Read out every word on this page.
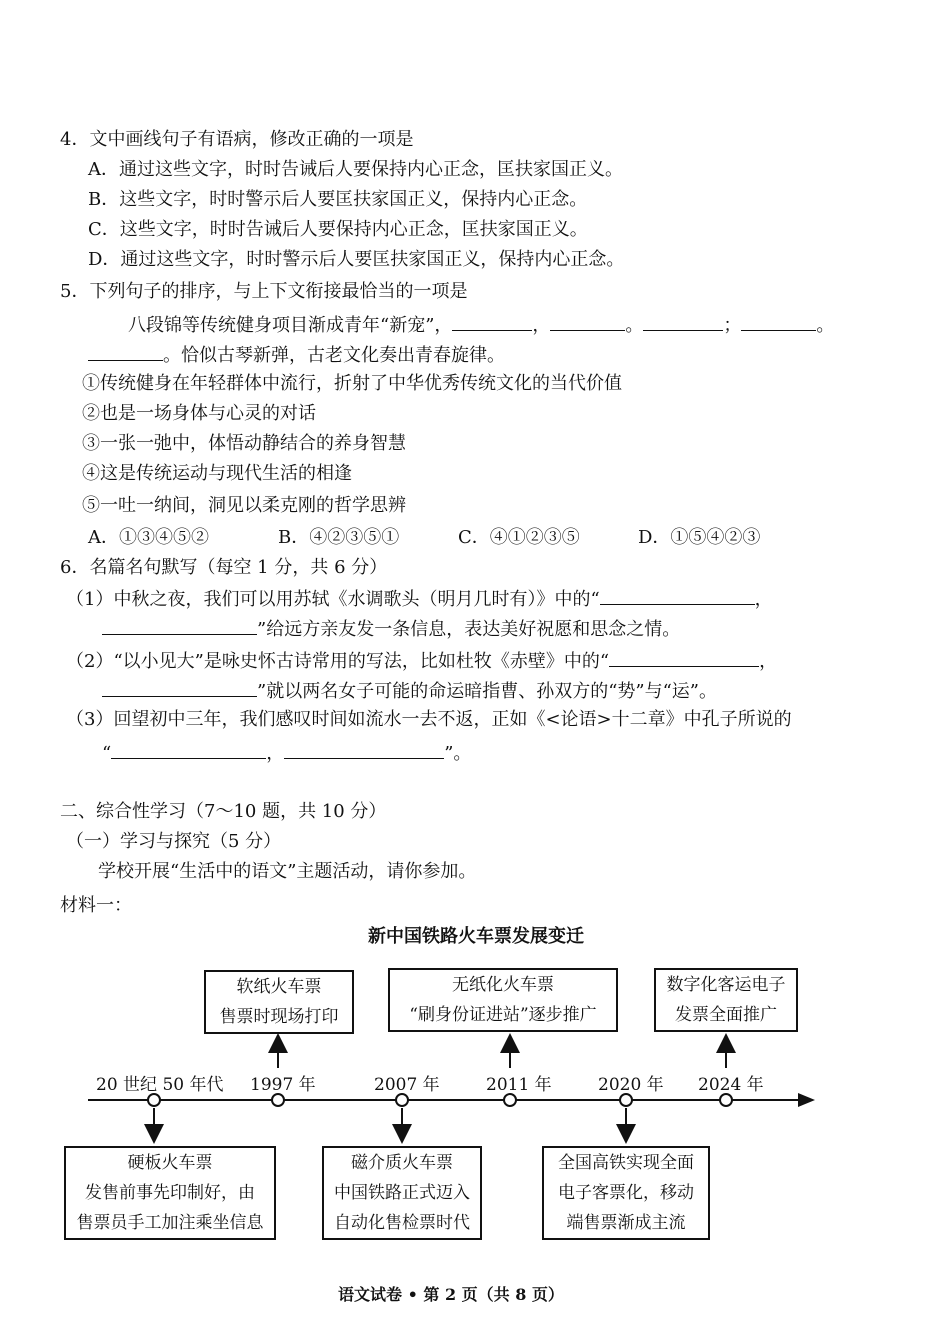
4．文中画线句子有语病，修改正确的一项是
A．通过这些文字，时时告诫后人要保持内心正念，匡扶家国正义。
B．这些文字，时时警示后人要匡扶家国正义，保持内心正念。
C．这些文字，时时告诫后人要保持内心正念，匡扶家国正义。
D．通过这些文字，时时警示后人要匡扶家国正义，保持内心正念。
5．下列句子的排序，与上下文衔接最恰当的一项是
八段锦等传统健身项目渐成青年“新宠”，	，	。	；	。
。恰似古琴新弹，古老文化奏出青春旋律。
①传统健身在年轻群体中流行，折射了中华优秀传统文化的当代价值
②也是一场身体与心灵的对话
③一张一弛中，体悟动静结合的养身智慧
④这是传统运动与现代生活的相逢
⑤一吐一纳间，洞见以柔克刚的哲学思辨
A．①③④⑤②	B．④②③⑤①	C．④①②③⑤	D．①⑤④②③
6．名篇名句默写（每空 1 分，共 6 分）
（1）中秋之夜，我们可以用苏轼《水调歌头（明月几时有）》中的“	，
”给远方亲友发一条信息，表达美好祝愿和思念之情。
（2）“以小见大”是咏史怀古诗常用的写法，比如杜牧《赤壁》中的“	，
”就以两名女子可能的命运暗指曹、孙双方的“势”与“运”。
（3）回望初中三年，我们感叹时间如流水一去不返，正如《<论语>十二章》中孔子所说的
“	，	”。
二、综合性学习（7～10 题，共 10 分）
（一）学习与探究（5 分）
学校开展“生活中的语文”主题活动，请你参加。
材料一：
新中国铁路火车票发展变迁
20 世纪 50 年代 1997 年	2007 年	2011 年	2020 年 2024 年
软纸火车票
售票时现场打印
无纸化火车票
“刷身份证进站”逐步推广
数字化客运电子
发票全面推广
硬板火车票
发售前事先印制好，由
售票员手工加注乘坐信息
磁介质火车票
中国铁路正式迈入
自动化售检票时代
全国高铁实现全面
电子客票化，移动
端售票渐成主流
语文试卷 • 第 2 页（共 8 页）
